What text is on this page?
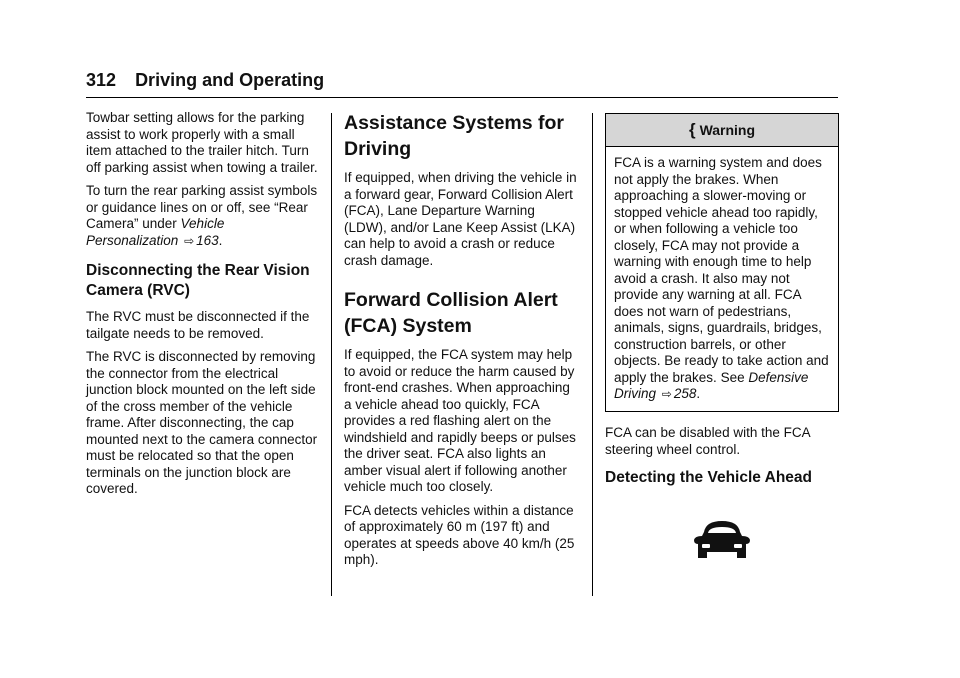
312 Driving and Operating

Towbar setting allows for the parking assist to work properly with a small item attached to the trailer hitch. Turn off parking assist when towing a trailer.

To turn the rear parking assist symbols or guidance lines on or off, see “Rear Camera” under Vehicle Personalization ⇨ 163.

Disconnecting the Rear Vision Camera (RVC)

The RVC must be disconnected if the tailgate needs to be removed.

The RVC is disconnected by removing the connector from the electrical junction block mounted on the left side of the cross member of the vehicle frame. After disconnecting, the cap mounted next to the camera connector must be relocated so that the open terminals on the junction block are covered.

Assistance Systems for Driving

If equipped, when driving the vehicle in a forward gear, Forward Collision Alert (FCA), Lane Departure Warning (LDW), and/or Lane Keep Assist (LKA) can help to avoid a crash or reduce crash damage.

Forward Collision Alert (FCA) System

If equipped, the FCA system may help to avoid or reduce the harm caused by front-end crashes. When approaching a vehicle ahead too quickly, FCA provides a red flashing alert on the windshield and rapidly beeps or pulses the driver seat. FCA also lights an amber visual alert if following another vehicle much too closely.

FCA detects vehicles within a distance of approximately 60 m (197 ft) and operates at speeds above 40 km/h (25 mph).

{ Warning
FCA is a warning system and does not apply the brakes. When approaching a slower-moving or stopped vehicle ahead too rapidly, or when following a vehicle too closely, FCA may not provide a warning with enough time to help avoid a crash. It also may not provide any warning at all. FCA does not warn of pedestrians, animals, signs, guardrails, bridges, construction barrels, or other objects. Be ready to take action and apply the brakes. See Defensive Driving ⇨ 258.

FCA can be disabled with the FCA steering wheel control.

Detecting the Vehicle Ahead
